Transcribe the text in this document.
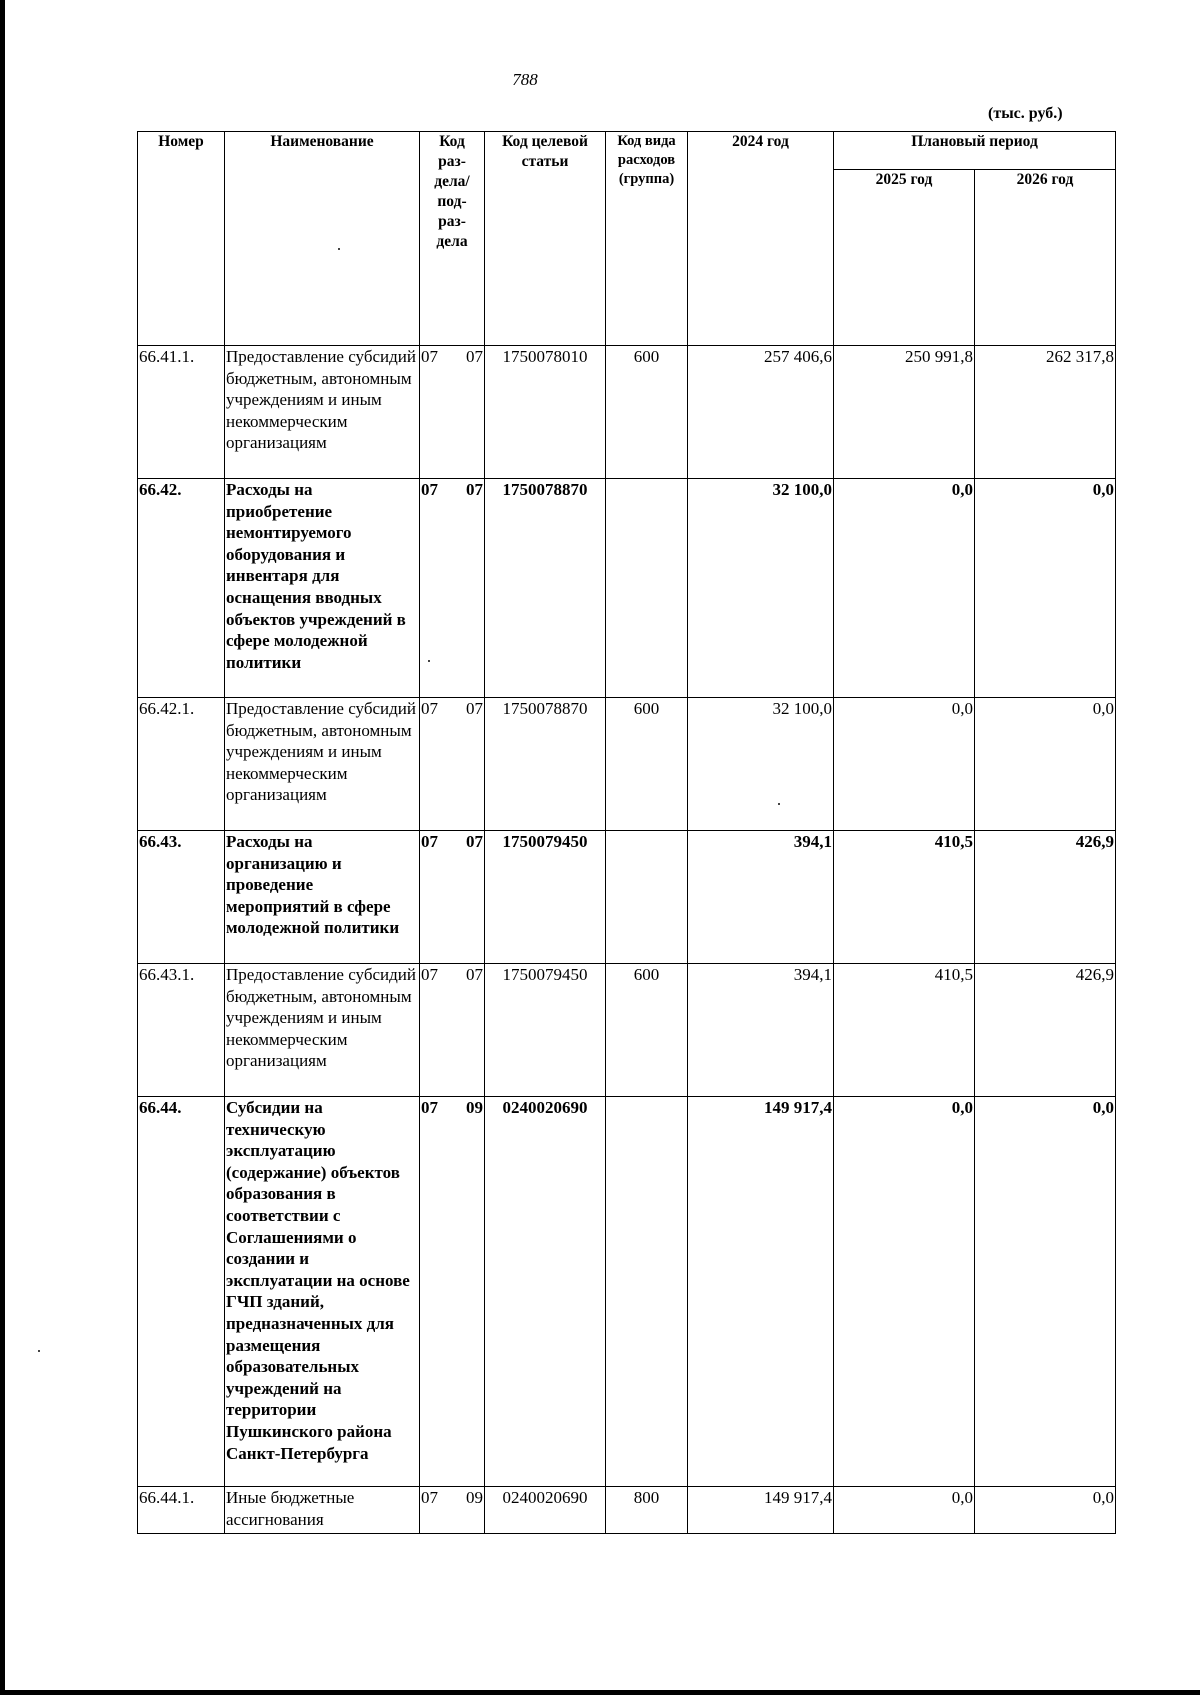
788
(тыс. руб.)
Номер	Наименование	Код раз-дела/ под-раз-дела	Код целевой статьи	Код вида расходов (группа)	2024 год	Плановый период	
						2025 год	2026 год
66.41.1.	Предоставление субсидий бюджетным, автономным учреждениям и иным некоммерческим организациям	07 07	1750078010	600	257 406,6	250 991,8	262 317,8
66.42.	Расходы на приобретение немонтируемого оборудования и инвентаря для оснащения вводных объектов учреждений в сфере молодежной политики	07 07	1750078870		32 100,0	0,0	0,0
66.42.1.	Предоставление субсидий бюджетным, автономным учреждениям и иным некоммерческим организациям	07 07	1750078870	600	32 100,0	0,0	0,0
66.43.	Расходы на организацию и проведение мероприятий в сфере молодежной политики	07 07	1750079450		394,1	410,5	426,9
66.43.1.	Предоставление субсидий бюджетным, автономным учреждениям и иным некоммерческим организациям	07 07	1750079450	600	394,1	410,5	426,9
66.44.	Субсидии на техническую эксплуатацию (содержание) объектов образования в соответствии с Соглашениями о создании и эксплуатации на основе ГЧП зданий, предназначенных для размещения образовательных учреждений на территории Пушкинского района Санкт-Петербурга	07 09	0240020690		149 917,4	0,0	0,0
66.44.1.	Иные бюджетные ассигнования	07 09	0240020690	800	149 917,4	0,0	0,0
